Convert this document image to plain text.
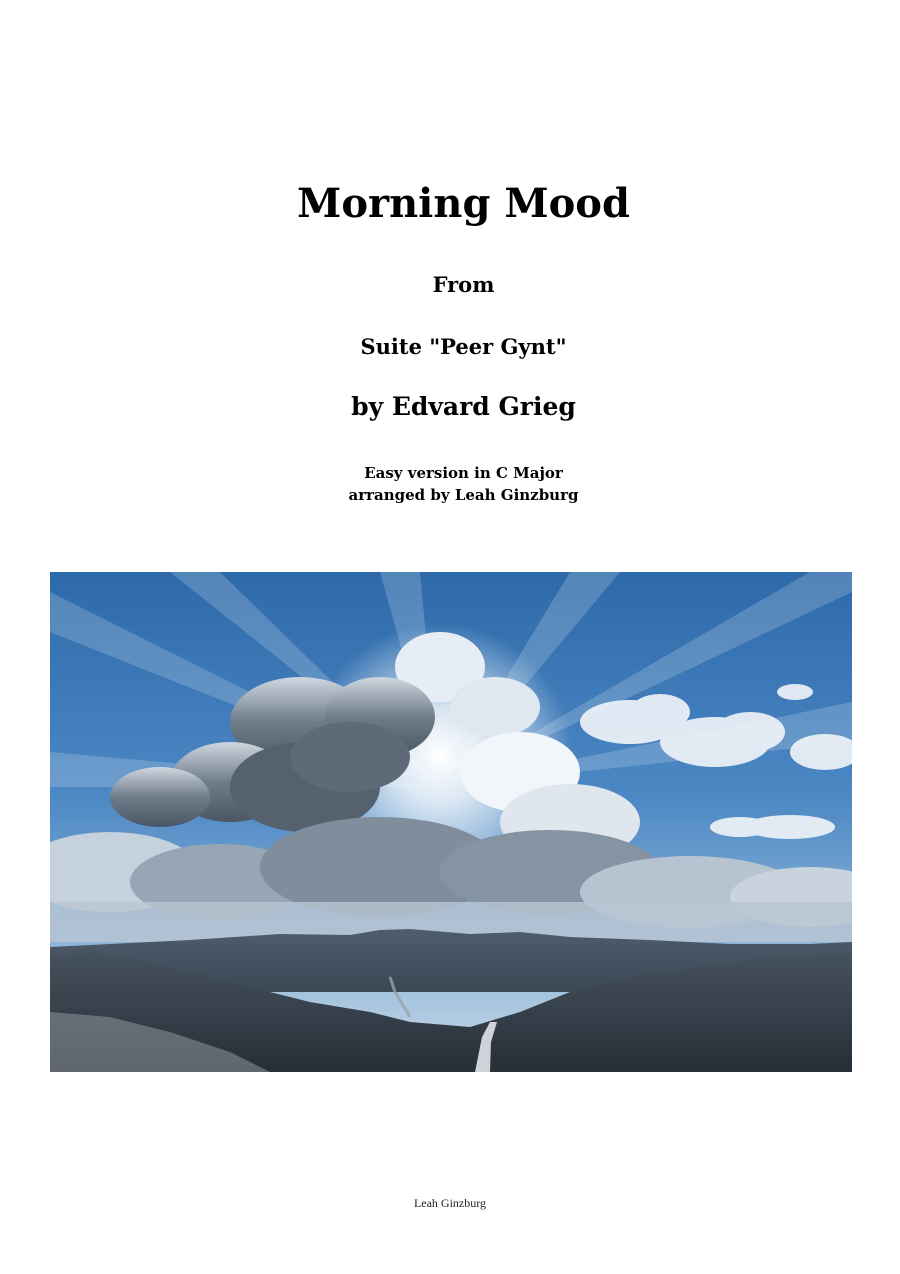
Morning Mood
From
Suite "Peer Gynt"
by Edvard Grieg
Easy version in C Major
arranged by Leah Ginzburg
Leah Ginzburg
